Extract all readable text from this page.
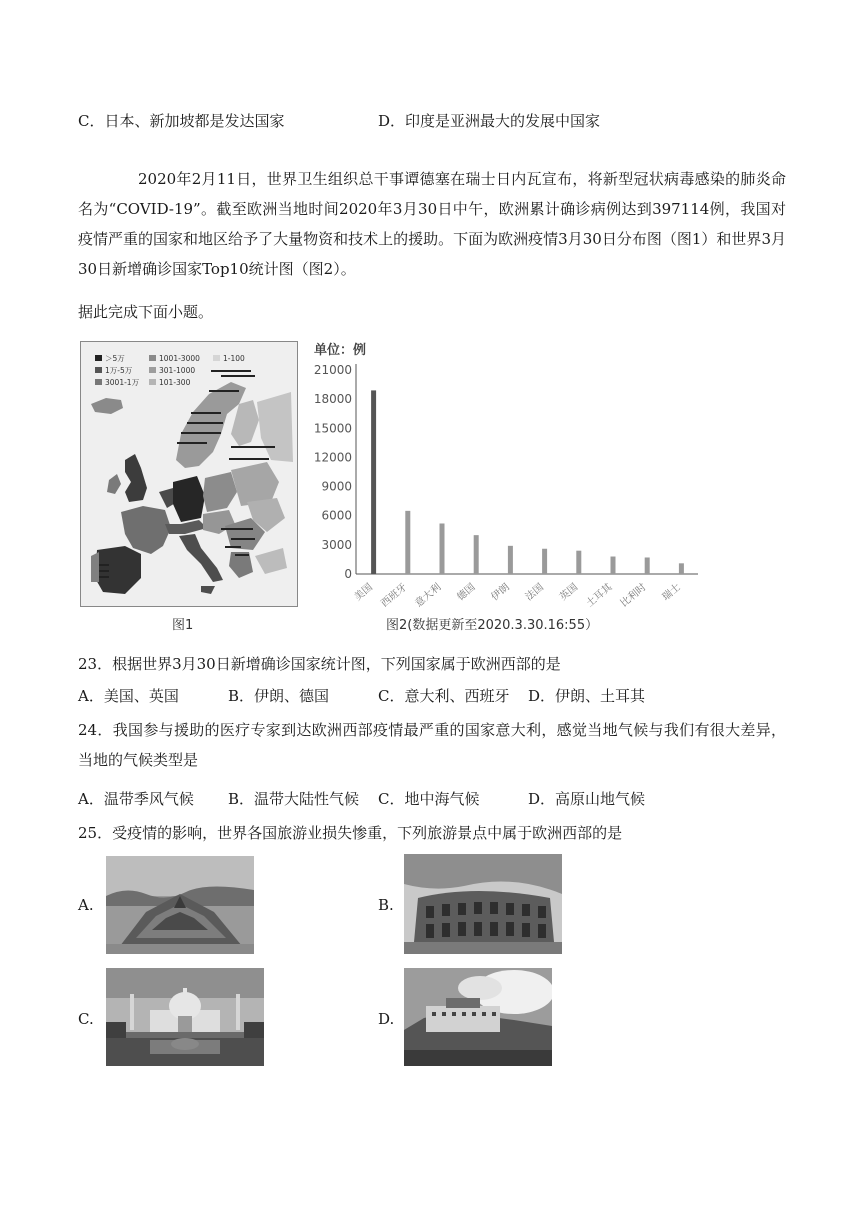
C．日本、新加坡都是发达国家	D．印度是亚洲最大的发展中国家
2020年2月11日，世界卫生组织总干事谭德塞在瑞士日内瓦宣布，将新型冠状病毒感染的肺炎命名为“COVID-19”。截至欧洲当地时间2020年3月30日中午，欧洲累计确诊病例达到397114例，我国对疫情严重的国家和地区给予了大量物资和技术上的援助。下面为欧洲疫情3月30日分布图（图1）和世界3月30日新增确诊国家Top10统计图（图2）。
据此完成下面小题。
＞5万
1万-5万
3001-1万
1001-3000
301-1000
101-300
1-100
图1
单位：例
0
3000
6000
9000
12000
15000
18000
21000
美国 西班牙 意大利 德国 伊朗 法国 英国 土耳其 比利时 瑞士
图2(数据更新至2020.3.30.16:55）
23．根据世界3月30日新增确诊国家统计图，下列国家属于欧洲西部的是
A．美国、英国	B．伊朗、德国	C．意大利、西班牙 D．伊朗、土耳其
24．我国参与援助的医疗专家到达欧洲西部疫情最严重的国家意大利，感觉当地气候与我们有很大差异，当地的气候类型是
A．温带季风气候 B．温带大陆性气候 C．地中海气候	D．高原山地气候
25．受疫情的影响，世界各国旅游业损失惨重，下列旅游景点中属于欧洲西部的是
A.	B.
C.	D.
